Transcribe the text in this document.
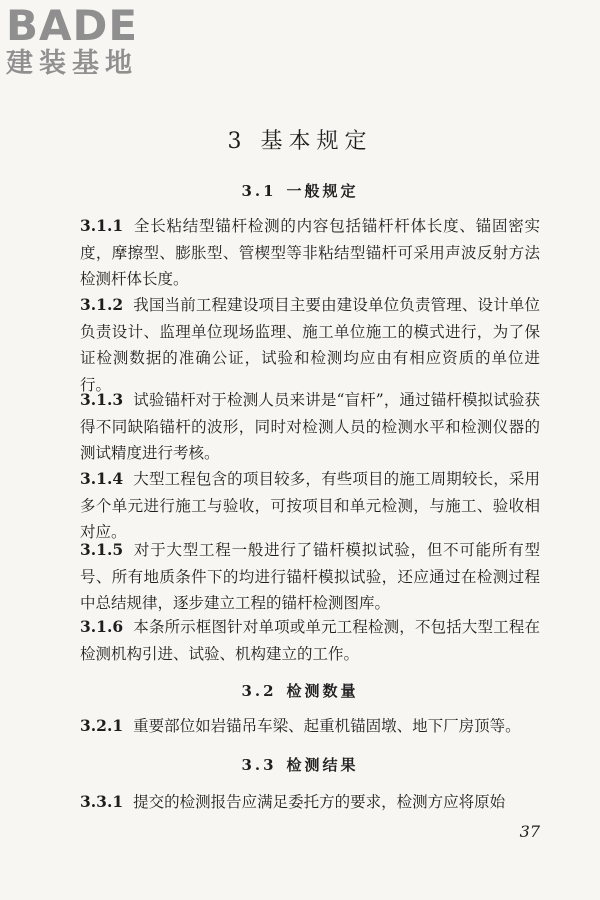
BADE
建装基地
3 基本规定
3.1 一般规定
3.1.1 全长粘结型锚杆检测的内容包括锚杆杆体长度、锚固密实度，摩擦型、膨胀型、管楔型等非粘结型锚杆可采用声波反射方法检测杆体长度。
3.1.2 我国当前工程建设项目主要由建设单位负责管理、设计单位负责设计、监理单位现场监理、施工单位施工的模式进行，为了保证检测数据的准确公证，试验和检测均应由有相应资质的单位进行。
3.1.3 试验锚杆对于检测人员来讲是“盲杆”，通过锚杆模拟试验获得不同缺陷锚杆的波形，同时对检测人员的检测水平和检测仪器的测试精度进行考核。
3.1.4 大型工程包含的项目较多，有些项目的施工周期较长，采用多个单元进行施工与验收，可按项目和单元检测，与施工、验收相对应。
3.1.5 对于大型工程一般进行了锚杆模拟试验，但不可能所有型号、所有地质条件下的均进行锚杆模拟试验，还应通过在检测过程中总结规律，逐步建立工程的锚杆检测图库。
3.1.6 本条所示框图针对单项或单元工程检测，不包括大型工程在检测机构引进、试验、机构建立的工作。
3.2 检测数量
3.2.1 重要部位如岩锚吊车梁、起重机锚固墩、地下厂房顶等。
3.3 检测结果
3.3.1 提交的检测报告应满足委托方的要求，检测方应将原始
37
